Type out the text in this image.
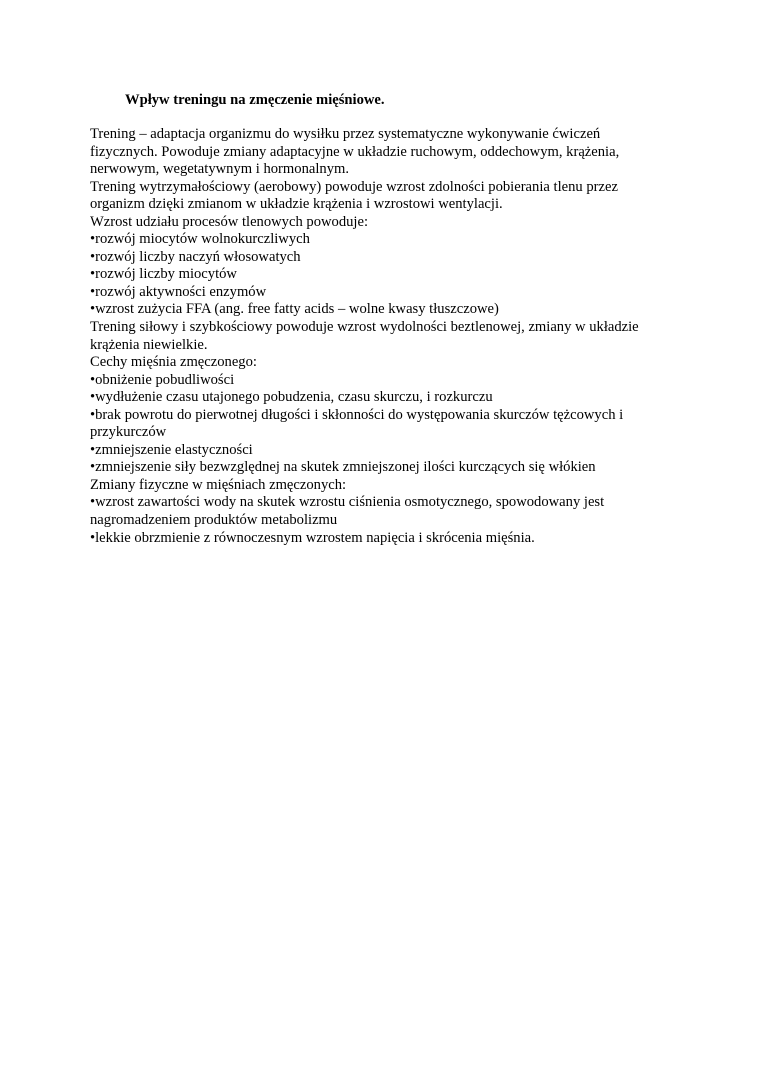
Wpływ treningu na zmęczenie mięśniowe.
Trening – adaptacja organizmu do wysiłku przez systematyczne wykonywanie ćwiczeń
fizycznych. Powoduje zmiany adaptacyjne w układzie ruchowym, oddechowym, krążenia,
nerwowym, wegetatywnym i hormonalnym.
Trening wytrzymałościowy (aerobowy) powoduje wzrost zdolności pobierania tlenu przez
organizm dzięki zmianom w układzie krążenia i wzrostowi wentylacji.
Wzrost udziału procesów tlenowych powoduje:
•rozwój miocytów wolnokurczliwych
•rozwój liczby naczyń włosowatych
•rozwój liczby miocytów
•rozwój aktywności enzymów
•wzrost zużycia FFA (ang. free fatty acids – wolne kwasy tłuszczowe)
Trening siłowy i szybkościowy powoduje wzrost wydolności beztlenowej, zmiany w układzie
krążenia niewielkie.
Cechy mięśnia zmęczonego:
•obniżenie pobudliwości
•wydłużenie czasu utajonego pobudzenia, czasu skurczu, i rozkurczu
•brak powrotu do pierwotnej długości i skłonności do występowania skurczów tężcowych i
przykurczów
•zmniejszenie elastyczności
•zmniejszenie siły bezwzględnej na skutek zmniejszonej ilości kurczących się włókien
Zmiany fizyczne w mięśniach zmęczonych:
•wzrost zawartości wody na skutek wzrostu ciśnienia osmotycznego, spowodowany jest
nagromadzeniem produktów metabolizmu
•lekkie obrzmienie z równoczesnym wzrostem napięcia i skrócenia mięśnia.
